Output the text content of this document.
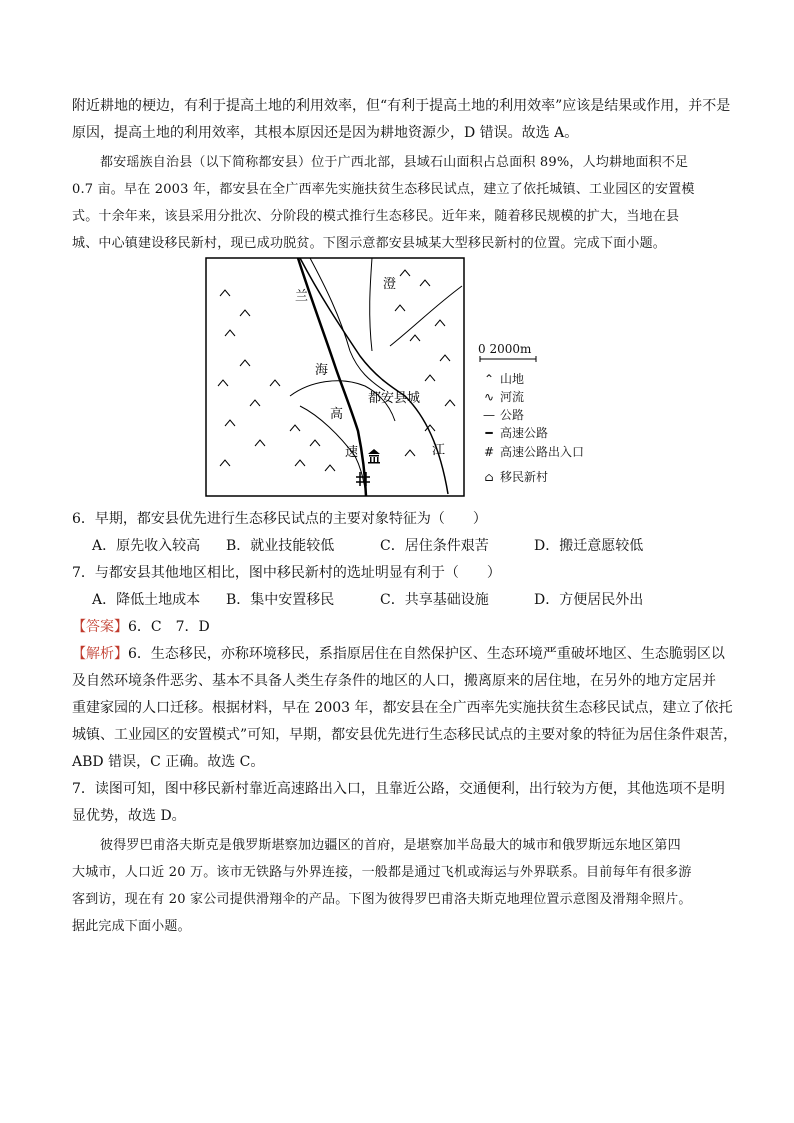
附近耕地的梗边，有利于提高土地的利用效率，但“有利于提高土地的利用效率”应该是结果或作用，并不是
原因，提高土地的利用效率，其根本原因还是因为耕地资源少，D 错误。故选 A。
都安瑶族自治县（以下简称都安县）位于广西北部，县域石山面积占总面积 89%，人均耕地面积不足
0.7 亩。早在 2003 年，都安县在全广西率先实施扶贫生态移民试点，建立了依托城镇、工业园区的安置模
式。十余年来，该县采用分批次、分阶段的模式推行生态移民。近年来，随着移民规模的扩大，当地在县
城、中心镇建设移民新村，现已成功脱贫。下图示意都安县城某大型移民新村的位置。完成下面小题。
兰
海
高
速
澄
江
都安县城
0 2000m
⌃ 山地
∿ 河流
— 公路
━ 高速公路
# 高速公路出入口
⌂ 移民新村
6．早期，都安县优先进行生态移民试点的主要对象特征为（　　）
A．原先收入较高 B．就业技能较低	C．居住条件艰苦	D．搬迁意愿较低
7．与都安县其他地区相比，图中移民新村的选址明显有利于（　　）
A．降低土地成本 B．集中安置移民	C．共享基础设施	D．方便居民外出
【答案】6．C　7．D
【解析】6．生态移民，亦称环境移民，系指原居住在自然保护区、生态环境严重破坏地区、生态脆弱区以
及自然环境条件恶劣、基本不具备人类生存条件的地区的人口，搬离原来的居住地，在另外的地方定居并
重建家园的人口迁移。根据材料，早在 2003 年，都安县在全广西率先实施扶贫生态移民试点，建立了依托
城镇、工业园区的安置模式”可知，早期，都安县优先进行生态移民试点的主要对象的特征为居住条件艰苦，
ABD 错误，C 正确。故选 C。
7．读图可知，图中移民新村靠近高速路出入口，且靠近公路，交通便利，出行较为方便，其他选项不是明
显优势，故选 D。
彼得罗巴甫洛夫斯克是俄罗斯堪察加边疆区的首府，是堪察加半岛最大的城市和俄罗斯远东地区第四
大城市，人口近 20 万。该市无铁路与外界连接，一般都是通过飞机或海运与外界联系。目前每年有很多游
客到访，现在有 20 家公司提供滑翔伞的产品。下图为彼得罗巴甫洛夫斯克地理位置示意图及滑翔伞照片。
据此完成下面小题。
